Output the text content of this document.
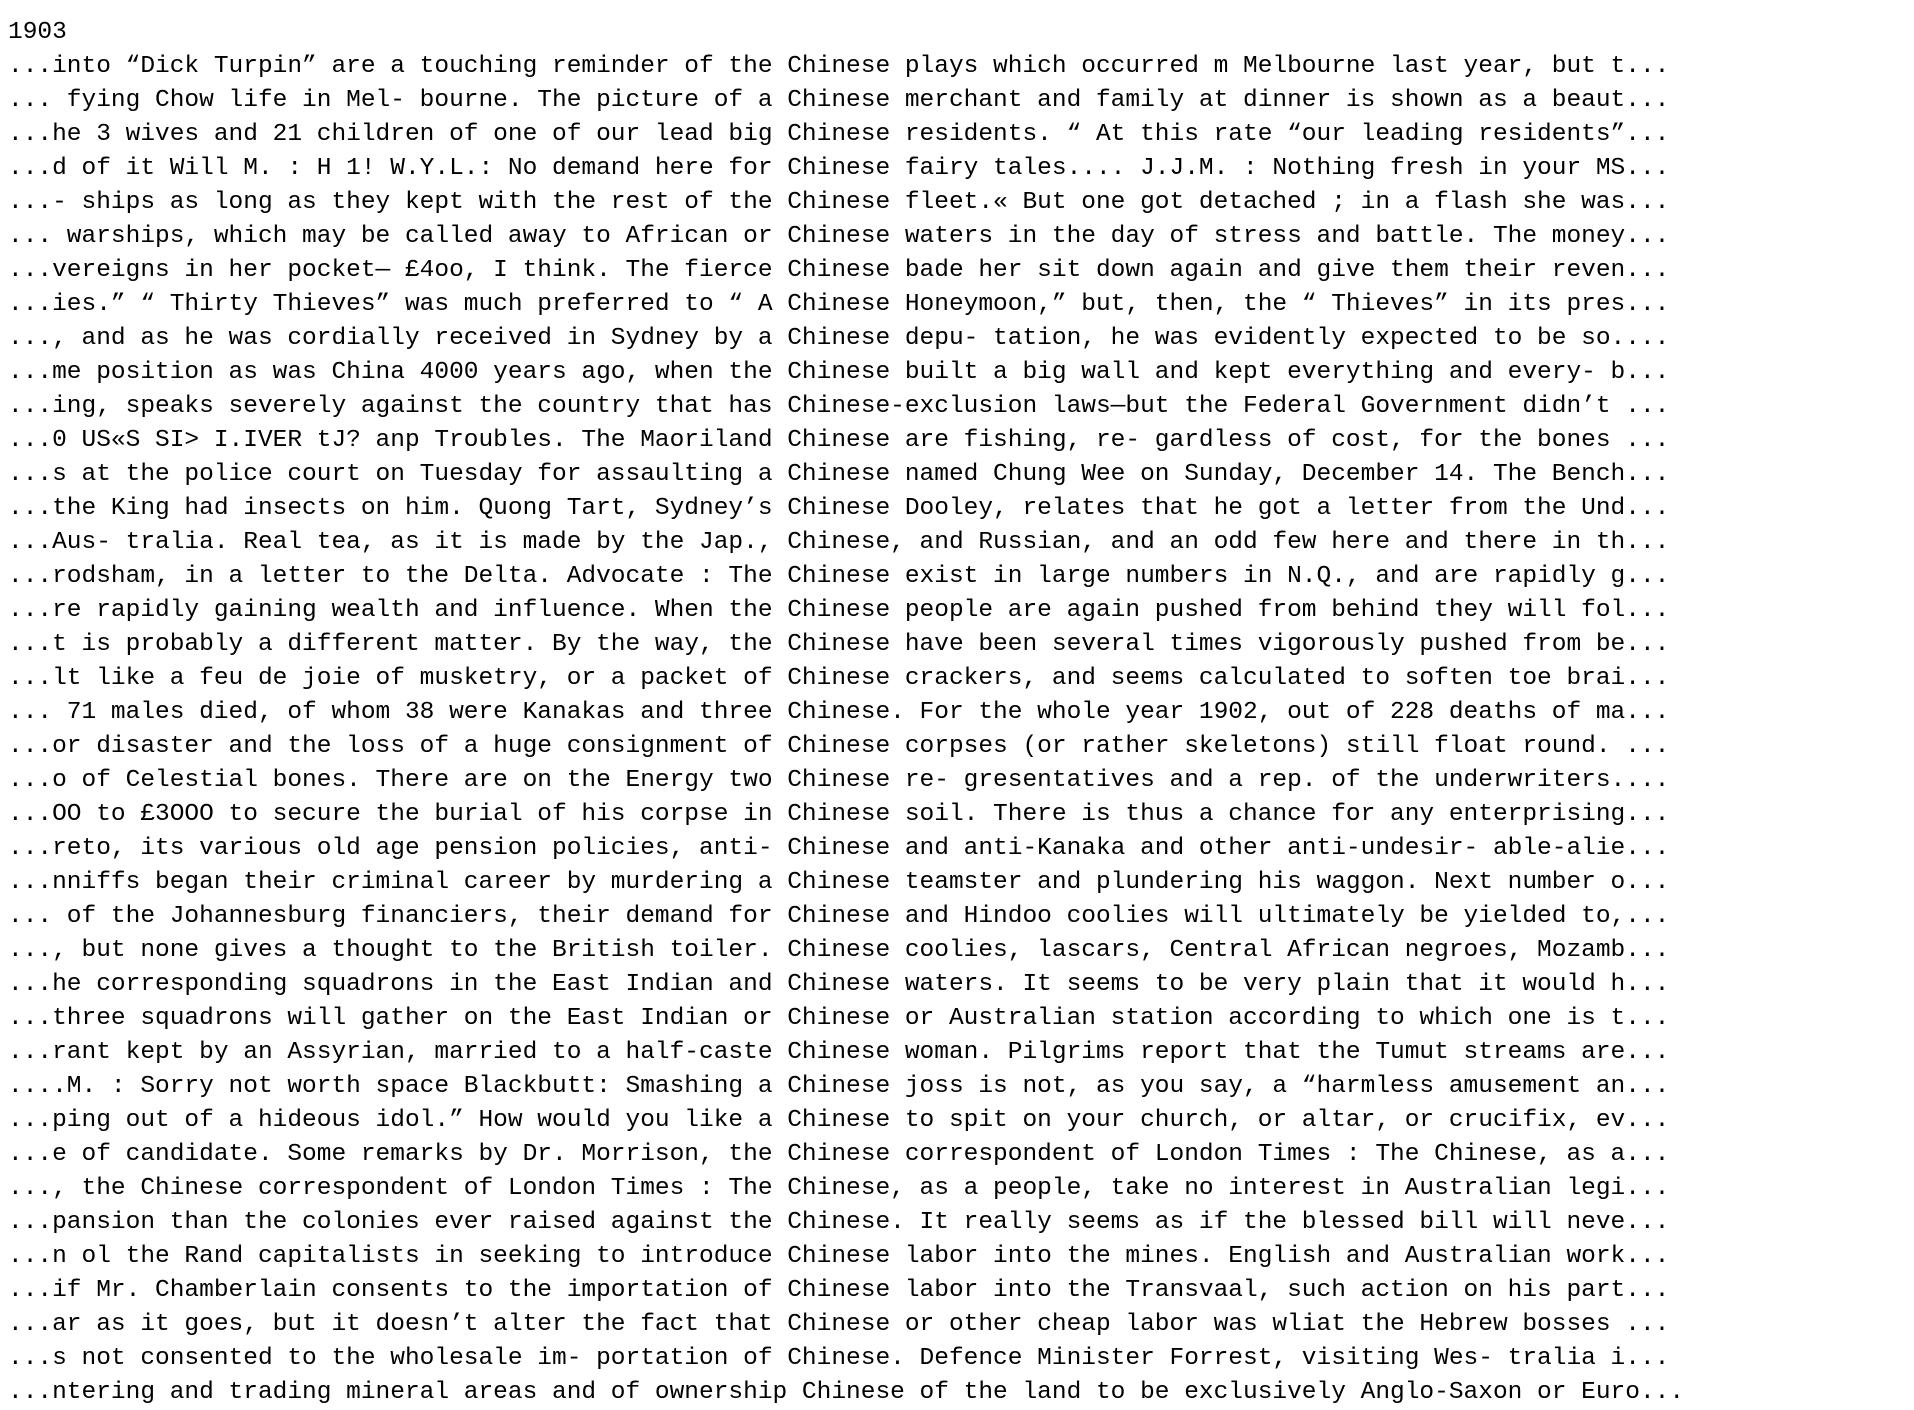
1903
...into “Dick Turpin” are a touching reminder of the Chinese plays which occurred m Melbourne last year, but t...
... fying Chow life in Mel- bourne. The picture of a Chinese merchant and family at dinner is shown as a beaut...
...he 3 wives and 21 children of one of our lead big Chinese residents. “ At this rate “our leading residents”...
...d of it Will M. : H 1! W.Y.L.: No demand here for Chinese fairy tales.... J.J.M. : Nothing fresh in your MS...
...- ships as long as they kept with the rest of the Chinese fleet.« But one got detached ; in a flash she was...
... warships, which may be called away to African or Chinese waters in the day of stress and battle. The money...
...vereigns in her pocket— £4oo, I think. The fierce Chinese bade her sit down again and give them their reven...
...ies.” “ Thirty Thieves” was much preferred to “ A Chinese Honeymoon,” but, then, the “ Thieves” in its pres...
..., and as he was cordially received in Sydney by a Chinese depu- tation, he was evidently expected to be so....
...me position as was China 4000 years ago, when the Chinese built a big wall and kept everything and every- b...
...ing, speaks severely against the country that has Chinese-exclusion laws—but the Federal Government didn’t ...
...0 US«S SI> I.IVER tJ? anp Troubles. The Maoriland Chinese are fishing, re- gardless of cost, for the bones ...
...s at the police court on Tuesday for assaulting a Chinese named Chung Wee on Sunday, December 14. The Bench...
...the King had insects on him. Quong Tart, Sydney’s Chinese Dooley, relates that he got a letter from the Und...
...Aus- tralia. Real tea, as it is made by the Jap., Chinese, and Russian, and an odd few here and there in th...
...rodsham, in a letter to the Delta. Advocate : The Chinese exist in large numbers in N.Q., and are rapidly g...
...re rapidly gaining wealth and influence. When the Chinese people are again pushed from behind they will fol...
...t is probably a different matter. By the way, the Chinese have been several times vigorously pushed from be...
...lt like a feu de joie of musketry, or a packet of Chinese crackers, and seems calculated to soften toe brai...
... 71 males died, of whom 38 were Kanakas and three Chinese. For the whole year 1902, out of 228 deaths of ma...
...or disaster and the loss of a huge consignment of Chinese corpses (or rather skeletons) still float round. ...
...o of Celestial bones. There are on the Energy two Chinese re- gresentatives and a rep. of the underwriters....
...OO to £3OOO to secure the burial of his corpse in Chinese soil. There is thus a chance for any enterprising...
...reto, its various old age pension policies, anti- Chinese and anti-Kanaka and other anti-undesir- able-alie...
...nniffs began their criminal career by murdering a Chinese teamster and plundering his waggon. Next number o...
... of the Johannesburg financiers, their demand for Chinese and Hindoo coolies will ultimately be yielded to,...
..., but none gives a thought to the British toiler. Chinese coolies, lascars, Central African negroes, Mozamb...
...he corresponding squadrons in the East Indian and Chinese waters. It seems to be very plain that it would h...
...three squadrons will gather on the East Indian or Chinese or Australian station according to which one is t...
...rant kept by an Assyrian, married to a half-caste Chinese woman. Pilgrims report that the Tumut streams are...
....M. : Sorry not worth space Blackbutt: Smashing a Chinese joss is not, as you say, a “harmless amusement an...
...ping out of a hideous idol.” How would you like a Chinese to spit on your church, or altar, or crucifix, ev...
...e of candidate. Some remarks by Dr. Morrison, the Chinese correspondent of London Times : The Chinese, as a...
..., the Chinese correspondent of London Times : The Chinese, as a people, take no interest in Australian legi...
...pansion than the colonies ever raised against the Chinese. It really seems as if the blessed bill will neve...
...n ol the Rand capitalists in seeking to introduce Chinese labor into the mines. English and Australian work...
...if Mr. Chamberlain consents to the importation of Chinese labor into the Transvaal, such action on his part...
...ar as it goes, but it doesn’t alter the fact that Chinese or other cheap labor was wliat the Hebrew bosses ...
...s not consented to the wholesale im- portation of Chinese. Defence Minister Forrest, visiting Wes- tralia i...
...ntering and trading mineral areas and of ownership Chinese of the land to be exclusively Anglo-Saxon or Euro...
